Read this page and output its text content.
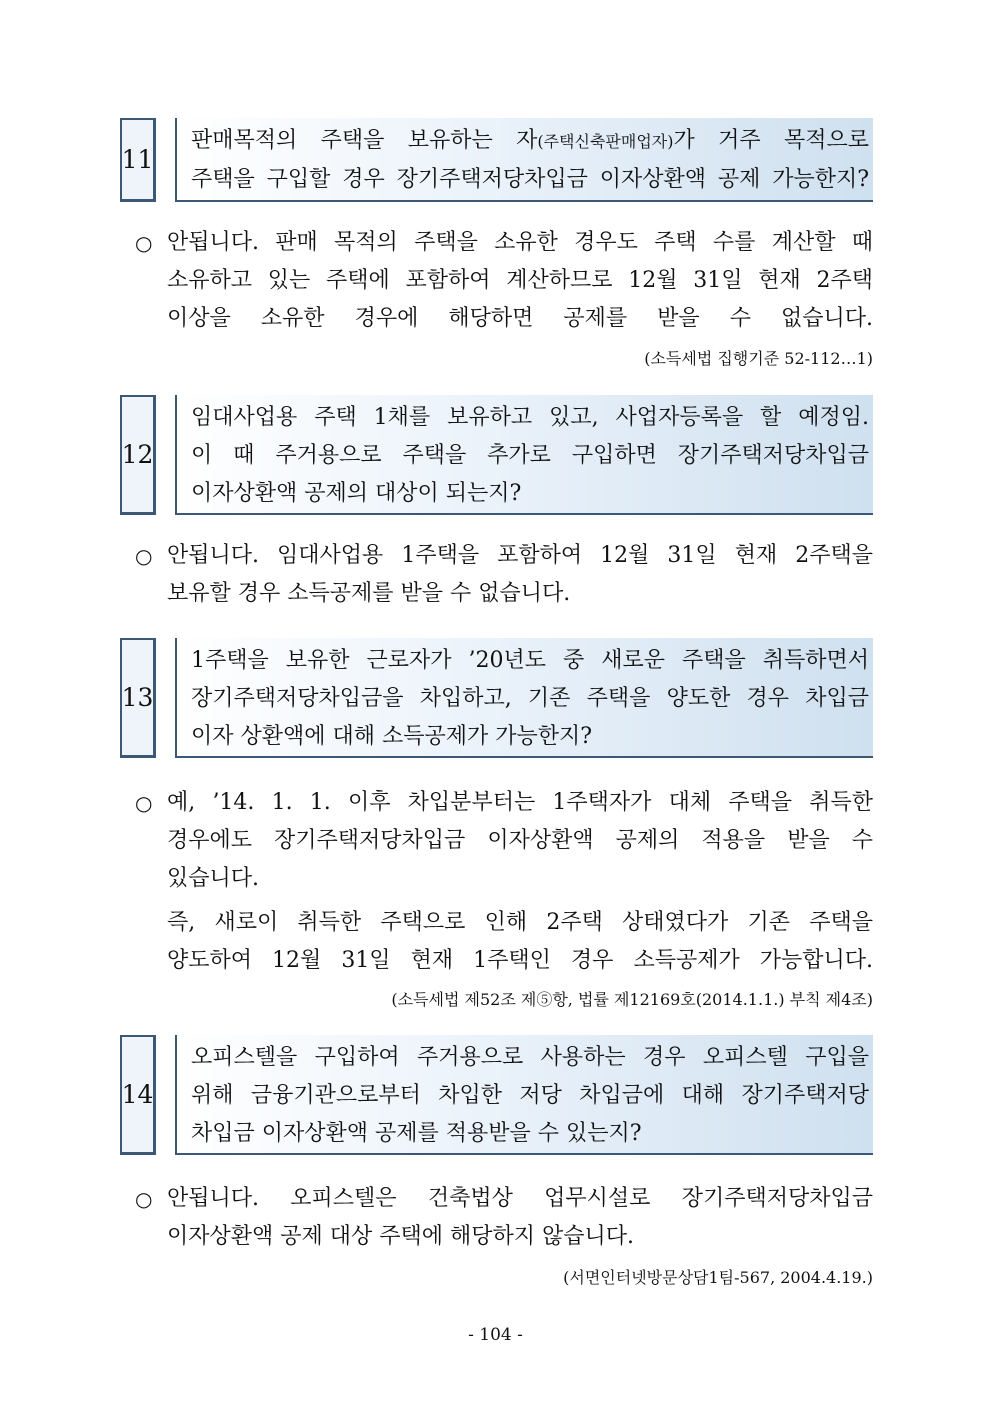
11
판매목적의 주택을 보유하는 자(주택신축판매업자)가 거주 목적으로
주택을 구입할 경우 장기주택저당차입금 이자상환액 공제 가능한지?
○ 안됩니다. 판매 목적의 주택을 소유한 경우도 주택 수를 계산할 때
소유하고 있는 주택에 포함하여 계산하므로 12월 31일 현재 2주택
이상을 소유한 경우에 해당하면 공제를 받을 수 없습니다.
(소득세법 집행기준 52-112…1)
12
임대사업용 주택 1채를 보유하고 있고, 사업자등록을 할 예정임.
이 때 주거용으로 주택을 추가로 구입하면 장기주택저당차입금
이자상환액 공제의 대상이 되는지?
○ 안됩니다. 임대사업용 1주택을 포함하여 12월 31일 현재 2주택을
보유할 경우 소득공제를 받을 수 없습니다.
13
1주택을 보유한 근로자가 ’20년도 중 새로운 주택을 취득하면서
장기주택저당차입금을 차입하고, 기존 주택을 양도한 경우 차입금
이자 상환액에 대해 소득공제가 가능한지?
○ 예, ’14. 1. 1. 이후 차입분부터는 1주택자가 대체 주택을 취득한
경우에도 장기주택저당차입금 이자상환액 공제의 적용을 받을 수
있습니다.
즉, 새로이 취득한 주택으로 인해 2주택 상태였다가 기존 주택을
양도하여 12월 31일 현재 1주택인 경우 소득공제가 가능합니다.
(소득세법 제52조 제⑤항, 법률 제12169호(2014.1.1.) 부칙 제4조)
14
오피스텔을 구입하여 주거용으로 사용하는 경우 오피스텔 구입을
위해 금융기관으로부터 차입한 저당 차입금에 대해 장기주택저당
차입금 이자상환액 공제를 적용받을 수 있는지?
○ 안됩니다. 오피스텔은 건축법상 업무시설로 장기주택저당차입금
이자상환액 공제 대상 주택에 해당하지 않습니다.
(서면인터넷방문상담1팀-567, 2004.4.19.)
- 104 -
